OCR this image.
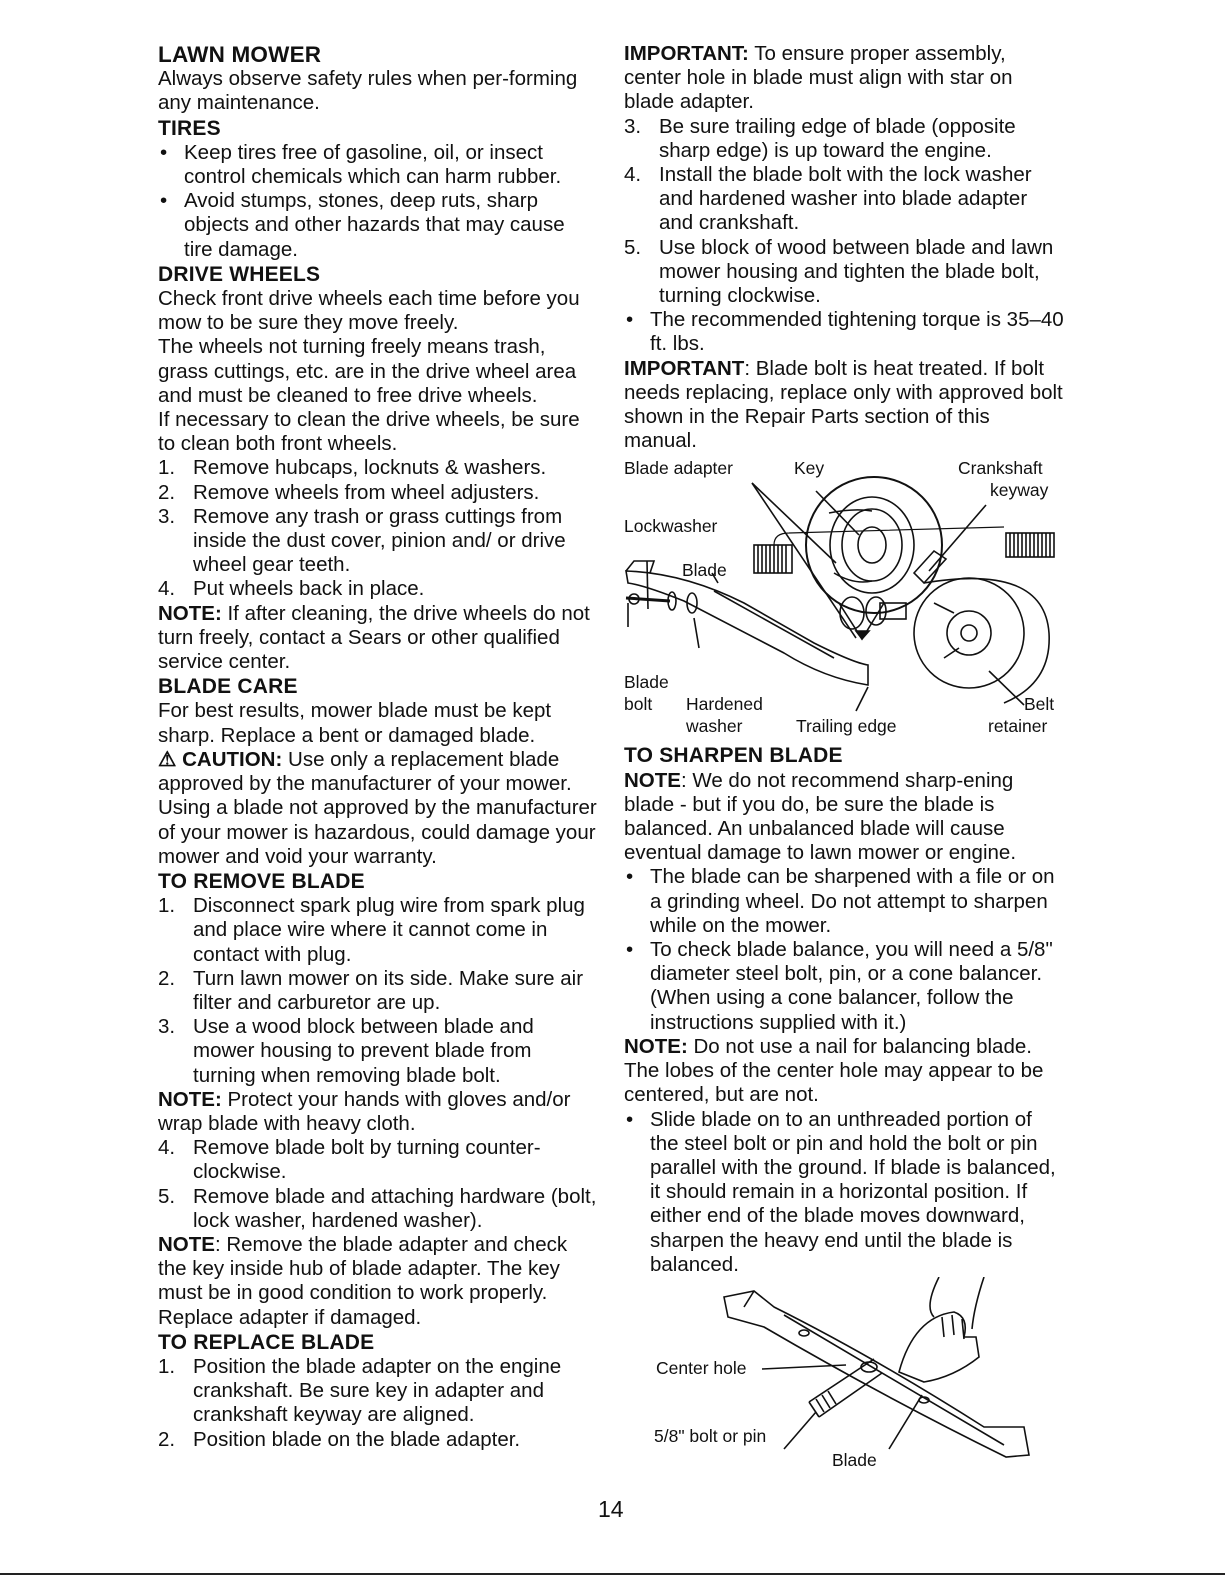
LAWN MOWER

Always observe safety rules when per-forming any maintenance.

TIRES
• Keep tires free of gasoline, oil, or insect control chemicals which can harm rubber.
• Avoid stumps, stones, deep ruts, sharp objects and other hazards that may cause tire damage.
DRIVE WHEELS

Check front drive wheels each time before you mow to be sure they move freely.

The wheels not turning freely means trash, grass cuttings, etc. are in the drive wheel area and must be cleaned to free drive wheels.

If necessary to clean the drive wheels, be sure to clean both front wheels.

1. Remove hubcaps, locknuts & washers.
2. Remove wheels from wheel adjusters.
3. Remove any trash or grass cuttings from inside the dust cover, pinion and/ or drive wheel gear teeth.
4. Put wheels back in place.

NOTE: If after cleaning, the drive wheels do not turn freely, contact a Sears or other qualified service center.

BLADE CARE

For best results, mower blade must be kept sharp. Replace a bent or damaged blade.

⚠ CAUTION: Use only a replacement blade approved by the manufacturer of your mower. Using a blade not approved by the manufacturer of your mower is hazardous, could damage your mower and void your warranty.

TO REMOVE BLADE
1. Disconnect spark plug wire from spark plug and place wire where it cannot come in contact with plug.
2. Turn lawn mower on its side. Make sure air filter and carburetor are up.
3. Use a wood block between blade and mower housing to prevent blade from turning when removing blade bolt.

NOTE: Protect your hands with gloves and/or wrap blade with heavy cloth.

4. Remove blade bolt by turning counter-clockwise.
5. Remove blade and attaching hardware (bolt, lock washer, hardened washer).

NOTE: Remove the blade adapter and check the key inside hub of blade adapter. The key must be in good condition to work properly. Replace adapter if damaged.

TO REPLACE BLADE
1. Position the blade adapter on the engine crankshaft. Be sure key in adapter and crankshaft keyway are aligned.
2. Position blade on the blade adapter.

IMPORTANT: To ensure proper assembly, center hole in blade must align with star on blade adapter.

3. Be sure trailing edge of blade (opposite sharp edge) is up toward the engine.
4. Install the blade bolt with the lock washer and hardened washer into blade adapter and crankshaft.
5. Use block of wood between blade and lawn mower housing and tighten the blade bolt, turning clockwise.
• The recommended tightening torque is 35–40 ft. lbs.

IMPORTANT: Blade bolt is heat treated. If bolt needs replacing, replace only with approved bolt shown in the Repair Parts section of this manual.

Blade adapter	Key	Crankshaft
keyway
Lockwasher
Blade
Blade
bolt Hardened
washer	Trailing edge
Belt
retainer
TO SHARPEN BLADE

NOTE: We do not recommend sharp-ening blade - but if you do, be sure the blade is balanced. An unbalanced blade will cause eventual damage to lawn mower or engine.

• The blade can be sharpened with a file or on a grinding wheel. Do not attempt to sharpen while on the mower.
• To check blade balance, you will need a 5/8" diameter steel bolt, pin, or a cone balancer. (When using a cone balancer, follow the instructions supplied with it.)

NOTE: Do not use a nail for balancing blade. The lobes of the center hole may appear to be centered, but are not.

• Slide blade on to an unthreaded portion of the steel bolt or pin and hold the bolt or pin parallel with the ground. If blade is balanced, it should remain in a horizontal position. If either end of the blade moves downward, sharpen the heavy end until the blade is balanced.
Center hole
5/8" bolt or pin
Blade
14
